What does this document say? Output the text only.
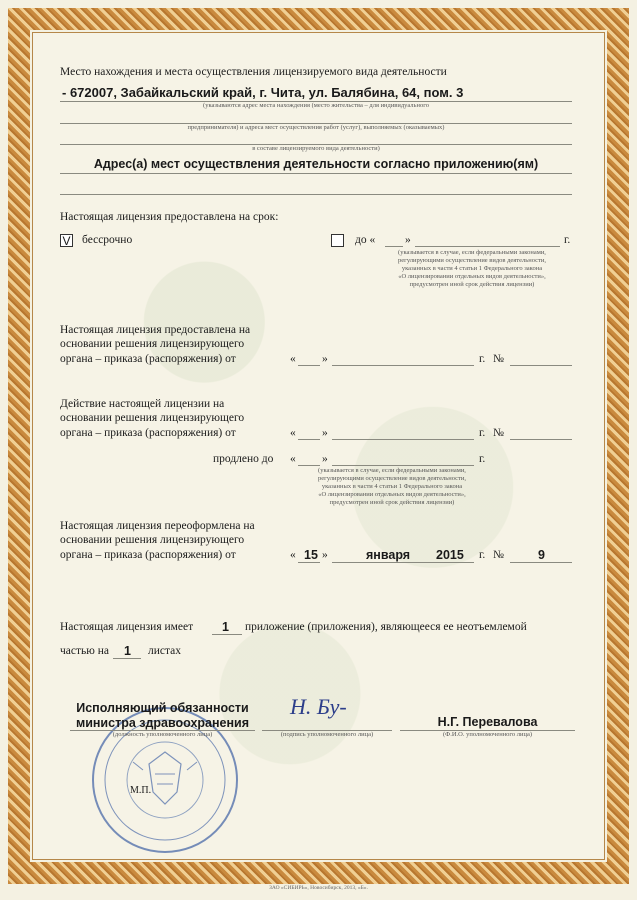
Место нахождения и места осуществления лицензируемого вида деятельности
- 672007, Забайкальский край, г. Чита, ул. Балябина, 64, пом. 3
(указываются адрес места нахождения (место жительства – для индивидуального
предпринимателя) и адреса мест осуществления работ (услуг), выполняемых (оказываемых)
в составе лицензируемого вида деятельности)
Адрес(а) мест осуществления деятельности согласно приложению(ям)
Настоящая лицензия предоставлена на срок:
V бессрочно	до «	»	г.
(указывается в случае, если федеральными законами,
регулирующими осуществление видов деятельности,
указанных в части 4 статьи 1 Федерального закона
«О лицензировании отдельных видов деятельности»,
предусмотрен иной срок действия лицензии)
Настоящая лицензия предоставлена на
основании решения лицензирующего
органа – приказа (распоряжения) от	« »	г. №
Действие настоящей лицензии на
основании решения лицензирующего
органа – приказа (распоряжения) от	« »	г. №
продлено до « »	г.
(указывается в случае, если федеральными законами,
регулирующими осуществление видов деятельности,
указанных в части 4 статьи 1 Федерального закона
«О лицензировании отдельных видов деятельности»,
предусмотрен иной срок действия лицензии)
Настоящая лицензия переоформлена на
основании решения лицензирующего
органа – приказа (распоряжения) от	« 15 »	января 2015 г. №	9
Настоящая лицензия имеет 1 приложение (приложения), являющееся ее неотъемлемой
частью на 1 листах
Исполняющий обязанности
министра здравоохранения
(должность уполномоченного лица)
Н. Бу-
(подпись уполномоченного лица)
Н.Г. Перевалова
(Ф.И.О. уполномоченного лица)
М.П.
ЗАО «СИБИРЬ», Новосибирск, 2013, «Б».
